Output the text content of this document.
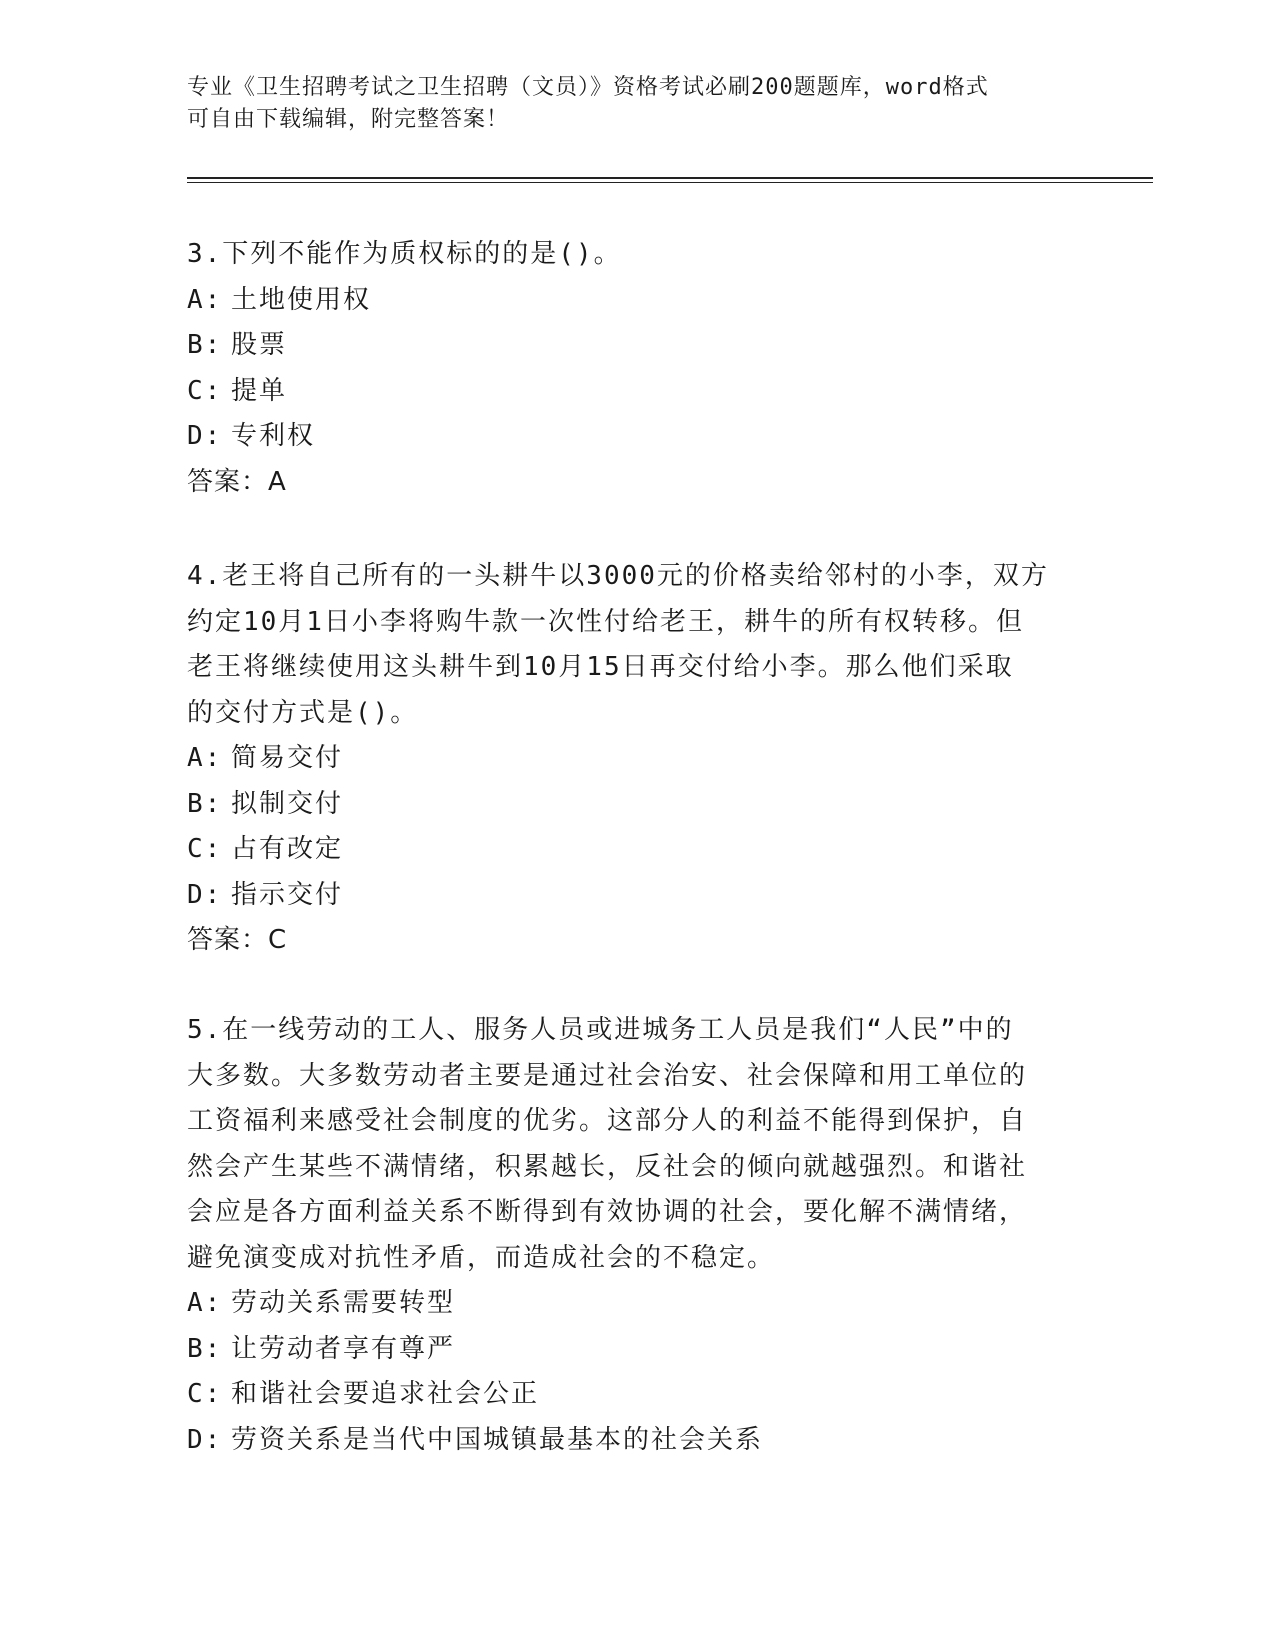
专业《卫生招聘考试之卫生招聘（文员）》资格考试必刷200题题库，word格式
可自由下载编辑，附完整答案！

3.下列不能作为质权标的的是()。

A: 土地使用权

B: 股票

C: 提单

D: 专利权

答案：A

4.老王将自己所有的一头耕牛以3000元的价格卖给邻村的小李，双方

约定10月1日小李将购牛款一次性付给老王，耕牛的所有权转移。但

老王将继续使用这头耕牛到10月15日再交付给小李。那么他们采取

的交付方式是()。

A: 简易交付

B: 拟制交付

C: 占有改定

D: 指示交付

答案：C

5.在一线劳动的工人、服务人员或进城务工人员是我们“人民”中的

大多数。大多数劳动者主要是通过社会治安、社会保障和用工单位的

工资福利来感受社会制度的优劣。这部分人的利益不能得到保护，自

然会产生某些不满情绪，积累越长，反社会的倾向就越强烈。和谐社

会应是各方面利益关系不断得到有效协调的社会，要化解不满情绪，

避免演变成对抗性矛盾，而造成社会的不稳定。

A: 劳动关系需要转型

B: 让劳动者享有尊严

C: 和谐社会要追求社会公正

D: 劳资关系是当代中国城镇最基本的社会关系
